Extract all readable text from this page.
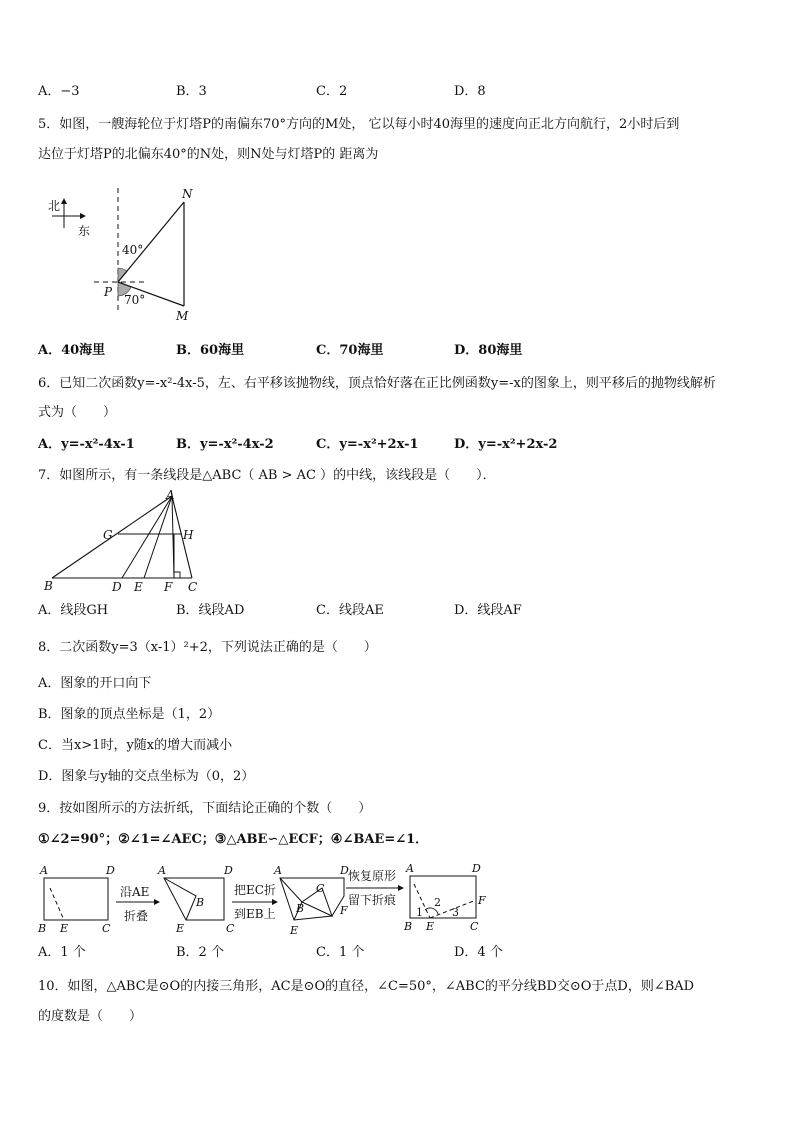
A．−3	B．3	C．2	D．8
5．如图，一艘海轮位于灯塔P的南偏东70°方向的M处， 它以每小时40海里的速度向正北方向航行，2小时后到
达位于灯塔P的北偏东40°的N处，则N处与灯塔P的 距离为
北
东
N
P
M
40°
70°
A．40海里	B．60海里	C．70海里	D．80海里
6．已知二次函数y=-x²-4x-5，左、右平移该抛物线，顶点恰好落在正比例函数y=-x的图象上，则平移后的抛物线解析
式为（　　）
A．y=-x²-4x-1	B．y=-x²-4x-2	C．y=-x²+2x-1	D．y=-x²+2x-2
7．如图所示，有一条线段是△ABC（ AB > AC ）的中线，该线段是（　　）．
A
G	H
B	D E F C
A．线段GH	B．线段AD	C．线段AE	D．线段AF
8．二次函数y=3（x-1）²+2，下列说法正确的是（　　）
A．图象的开口向下
B．图象的顶点坐标是（1，2）
C．当x>1时，y随x的增大而减小
D．图象与y轴的交点坐标为（0，2）
9．按如图所示的方法折纸，下面结论正确的个数（　　）
①∠2=90°；②∠1=∠AEC；③△ABE∽△ECF；④∠BAE=∠1．
A	D
B E	C
沿AE
折叠
A	D
B
E	C
把EC折
到EB上
A	D
C
B	F
E
恢复原形
留下折痕
A	D
F
1
2
3
B E	C
A．1 个	B．2 个	C．1 个	D．4 个
10．如图，△ABC是⊙O的内接三角形，AC是⊙O的直径，∠C=50°，∠ABC的平分线BD交⊙O于点D，则∠BAD
的度数是（　　）
